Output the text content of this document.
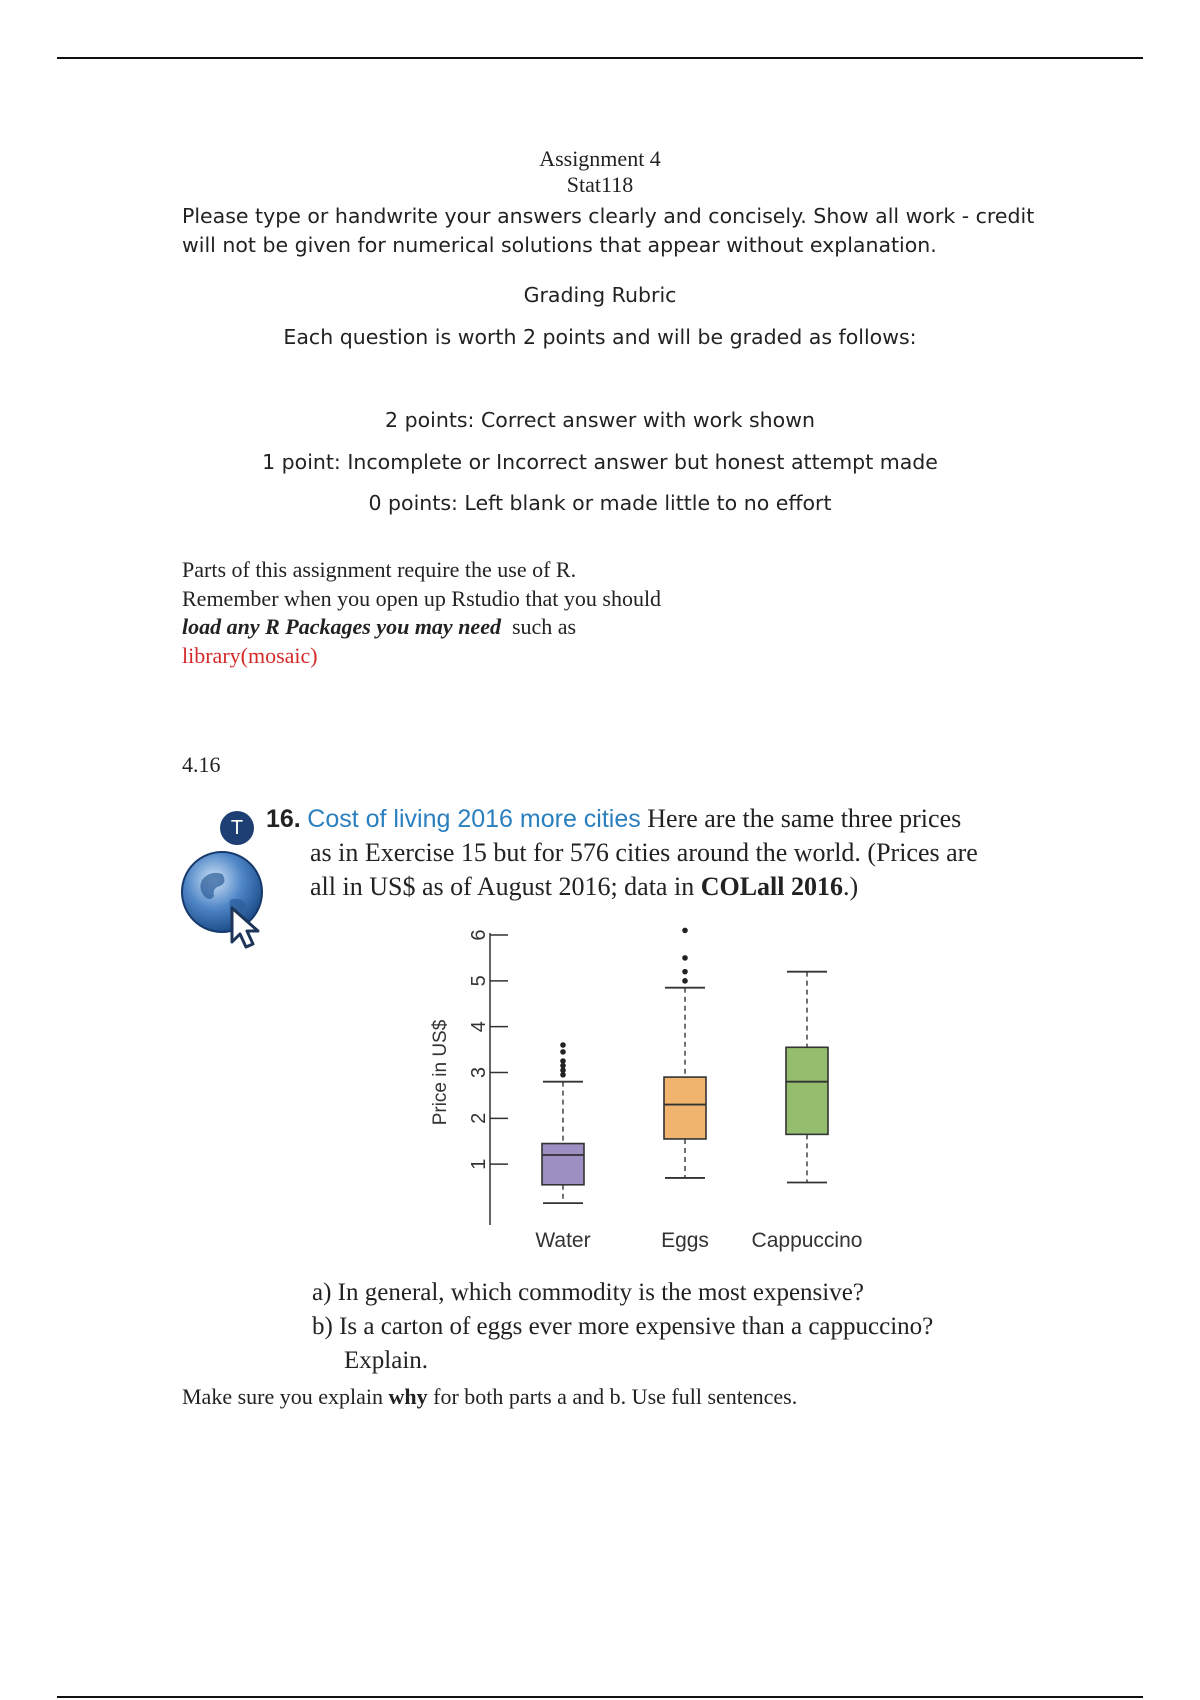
Assignment 4
Stat118
Please type or handwrite your answers clearly and concisely. Show all work - credit will not be given for numerical solutions that appear without explanation.
Grading Rubric
Each question is worth 2 points and will be graded as follows:
2 points: Correct answer with work shown
1 point: Incomplete or Incorrect answer but honest attempt made
0 points: Left blank or made little to no effort
Parts of this assignment require the use of R.
Remember when you open up Rstudio that you should
load any R Packages you may need such as
library(mosaic)
4.16
T 16. Cost of living 2016 more cities Here are the same three prices
as in Exercise 15 but for 576 cities around the world. (Prices are
all in US$ as of August 2016; data in COLall 2016.)
1
2
3
4
5
6
Price in US$
Water	Eggs Cappuccino
a) In general, which commodity is the most expensive?
b) Is a carton of eggs ever more expensive than a cappuccino?
Explain.
Make sure you explain why for both parts a and b. Use full sentences.
